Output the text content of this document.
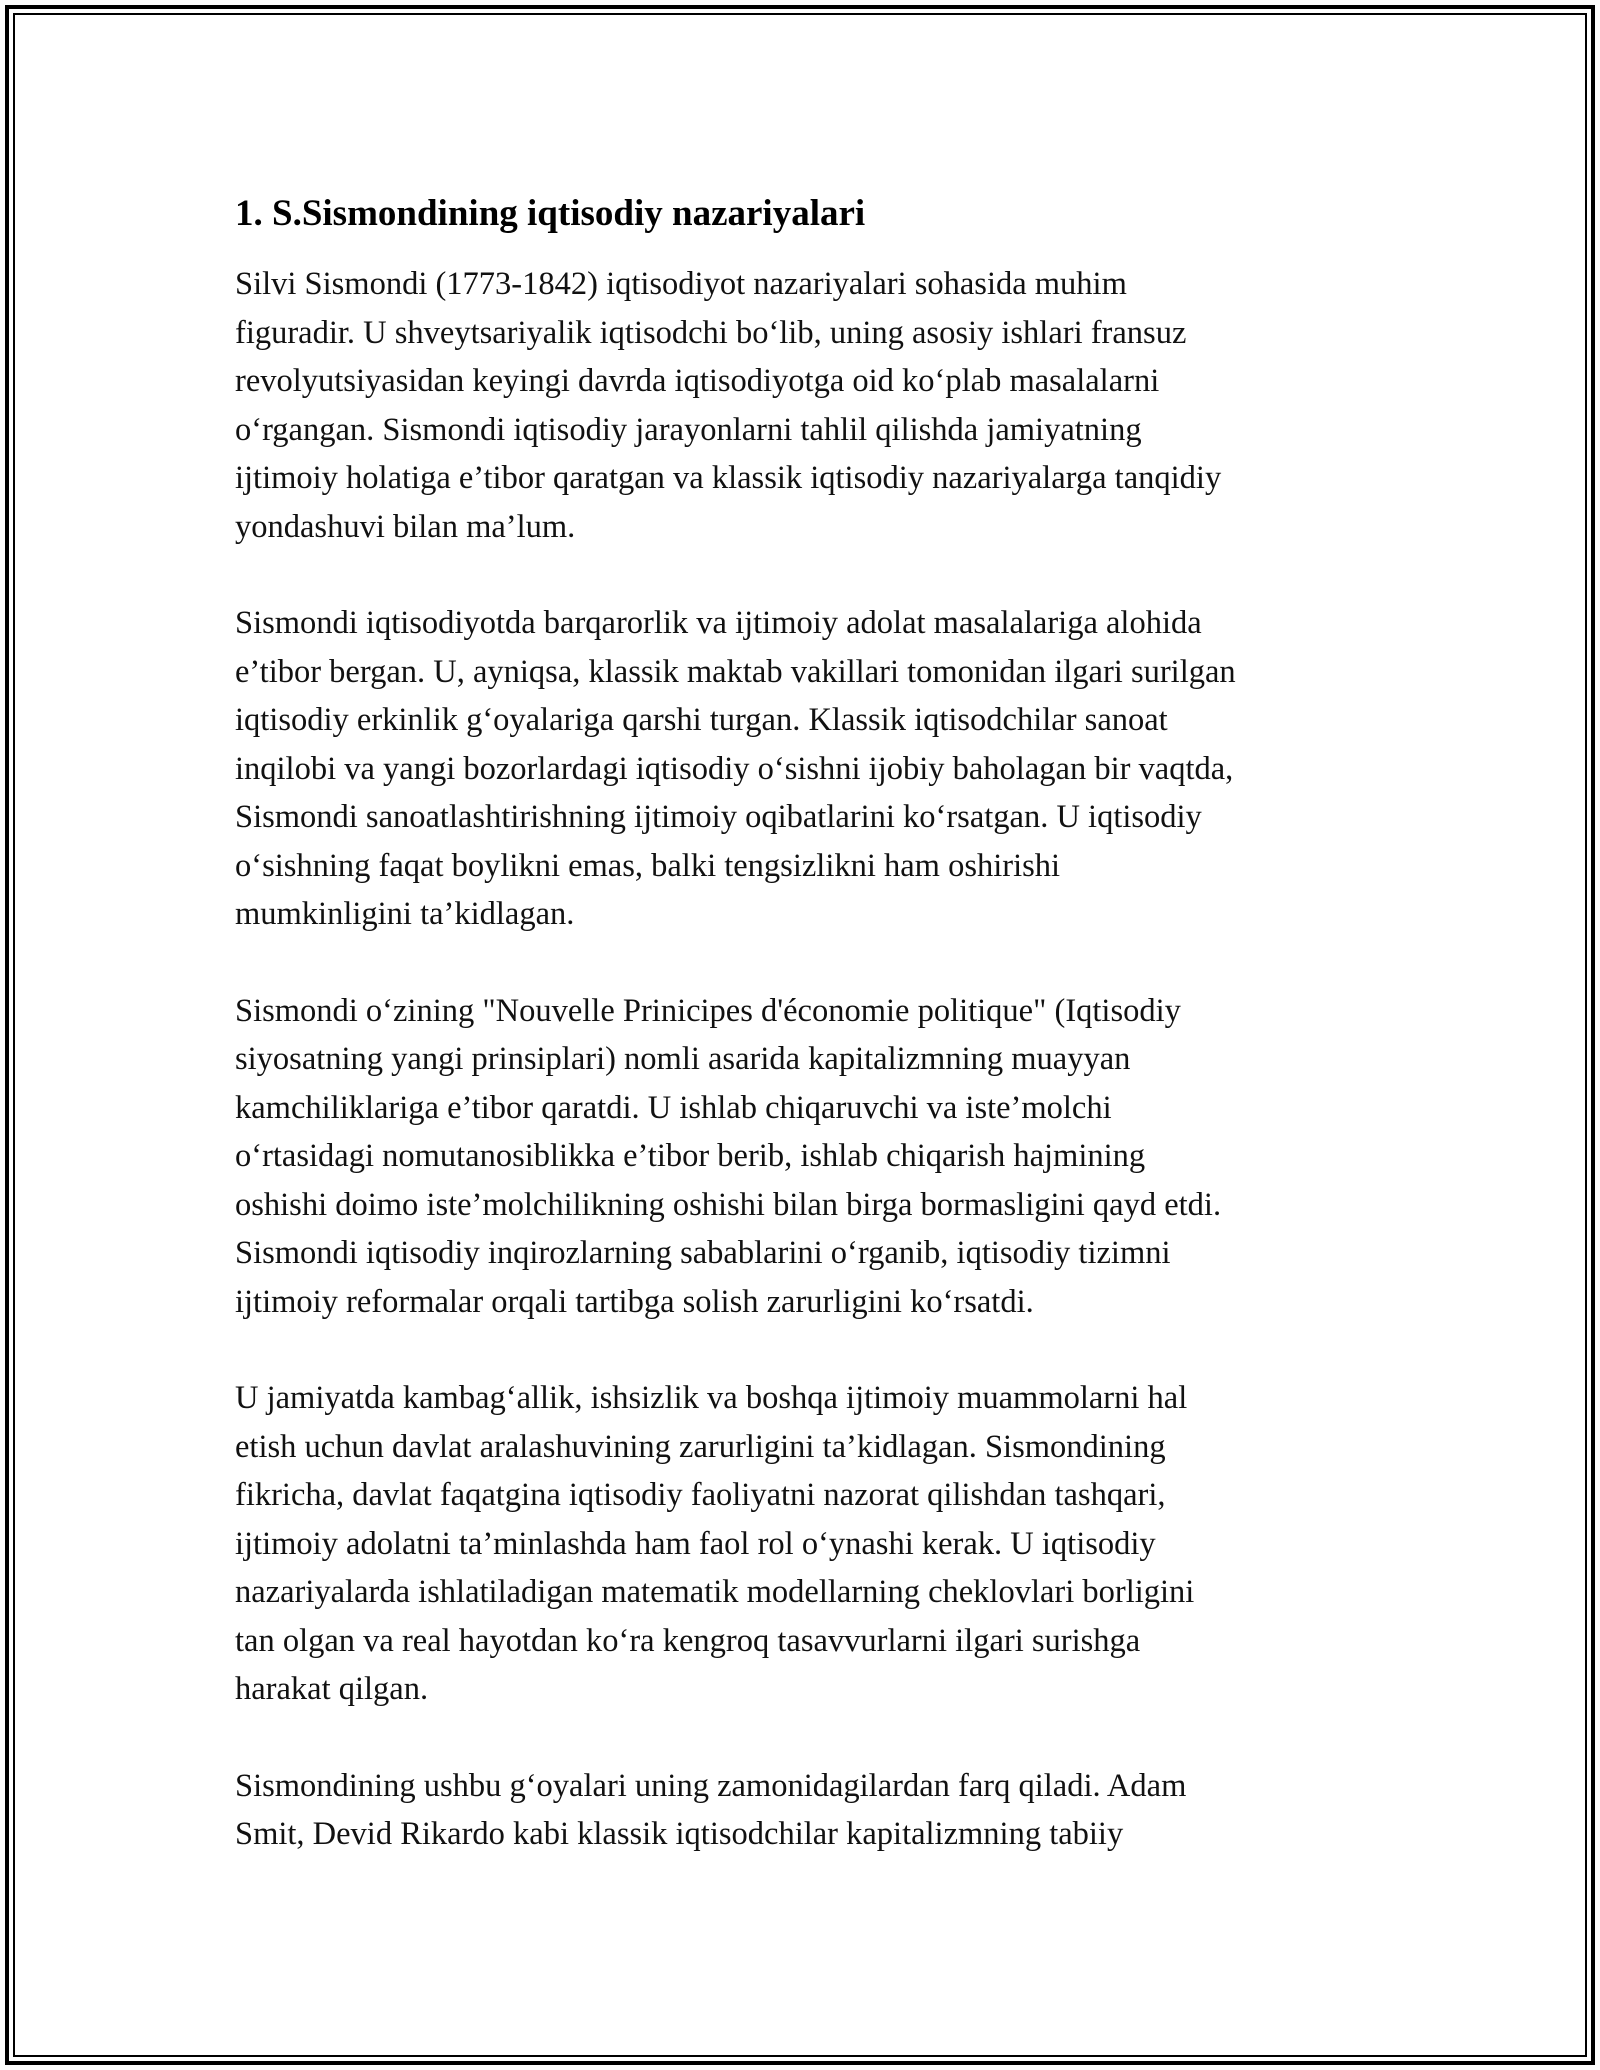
1. S.Sismondining iqtisodiy nazariyalari

Silvi Sismondi (1773-1842) iqtisodiyot nazariyalari sohasida muhim
figuradir. U shveytsariyalik iqtisodchi bo‘lib, uning asosiy ishlari fransuz
revolyutsiyasidan keyingi davrda iqtisodiyotga oid ko‘plab masalalarni
o‘rgangan. Sismondi iqtisodiy jarayonlarni tahlil qilishda jamiyatning
ijtimoiy holatiga e’tibor qaratgan va klassik iqtisodiy nazariyalarga tanqidiy
yondashuvi bilan ma’lum.

Sismondi iqtisodiyotda barqarorlik va ijtimoiy adolat masalalariga alohida
e’tibor bergan. U, ayniqsa, klassik maktab vakillari tomonidan ilgari surilgan
iqtisodiy erkinlik g‘oyalariga qarshi turgan. Klassik iqtisodchilar sanoat
inqilobi va yangi bozorlardagi iqtisodiy o‘sishni ijobiy baholagan bir vaqtda,
Sismondi sanoatlashtirishning ijtimoiy oqibatlarini ko‘rsatgan. U iqtisodiy
o‘sishning faqat boylikni emas, balki tengsizlikni ham oshirishi
mumkinligini ta’kidlagan.

Sismondi o‘zining "Nouvelle Prinicipes d'économie politique" (Iqtisodiy
siyosatning yangi prinsiplari) nomli asarida kapitalizmning muayyan
kamchiliklariga e’tibor qaratdi. U ishlab chiqaruvchi va iste’molchi
o‘rtasidagi nomutanosiblikka e’tibor berib, ishlab chiqarish hajmining
oshishi doimo iste’molchilikning oshishi bilan birga bormasligini qayd etdi.
Sismondi iqtisodiy inqirozlarning sabablarini o‘rganib, iqtisodiy tizimni
ijtimoiy reformalar orqali tartibga solish zarurligini ko‘rsatdi.

U jamiyatda kambag‘allik, ishsizlik va boshqa ijtimoiy muammolarni hal
etish uchun davlat aralashuvining zarurligini ta’kidlagan. Sismondining
fikricha, davlat faqatgina iqtisodiy faoliyatni nazorat qilishdan tashqari,
ijtimoiy adolatni ta’minlashda ham faol rol o‘ynashi kerak. U iqtisodiy
nazariyalarda ishlatiladigan matematik modellarning cheklovlari borligini
tan olgan va real hayotdan ko‘ra kengroq tasavvurlarni ilgari surishga
harakat qilgan.

Sismondining ushbu g‘oyalari uning zamonidagilardan farq qiladi. Adam
Smit, Devid Rikardo kabi klassik iqtisodchilar kapitalizmning tabiiy
